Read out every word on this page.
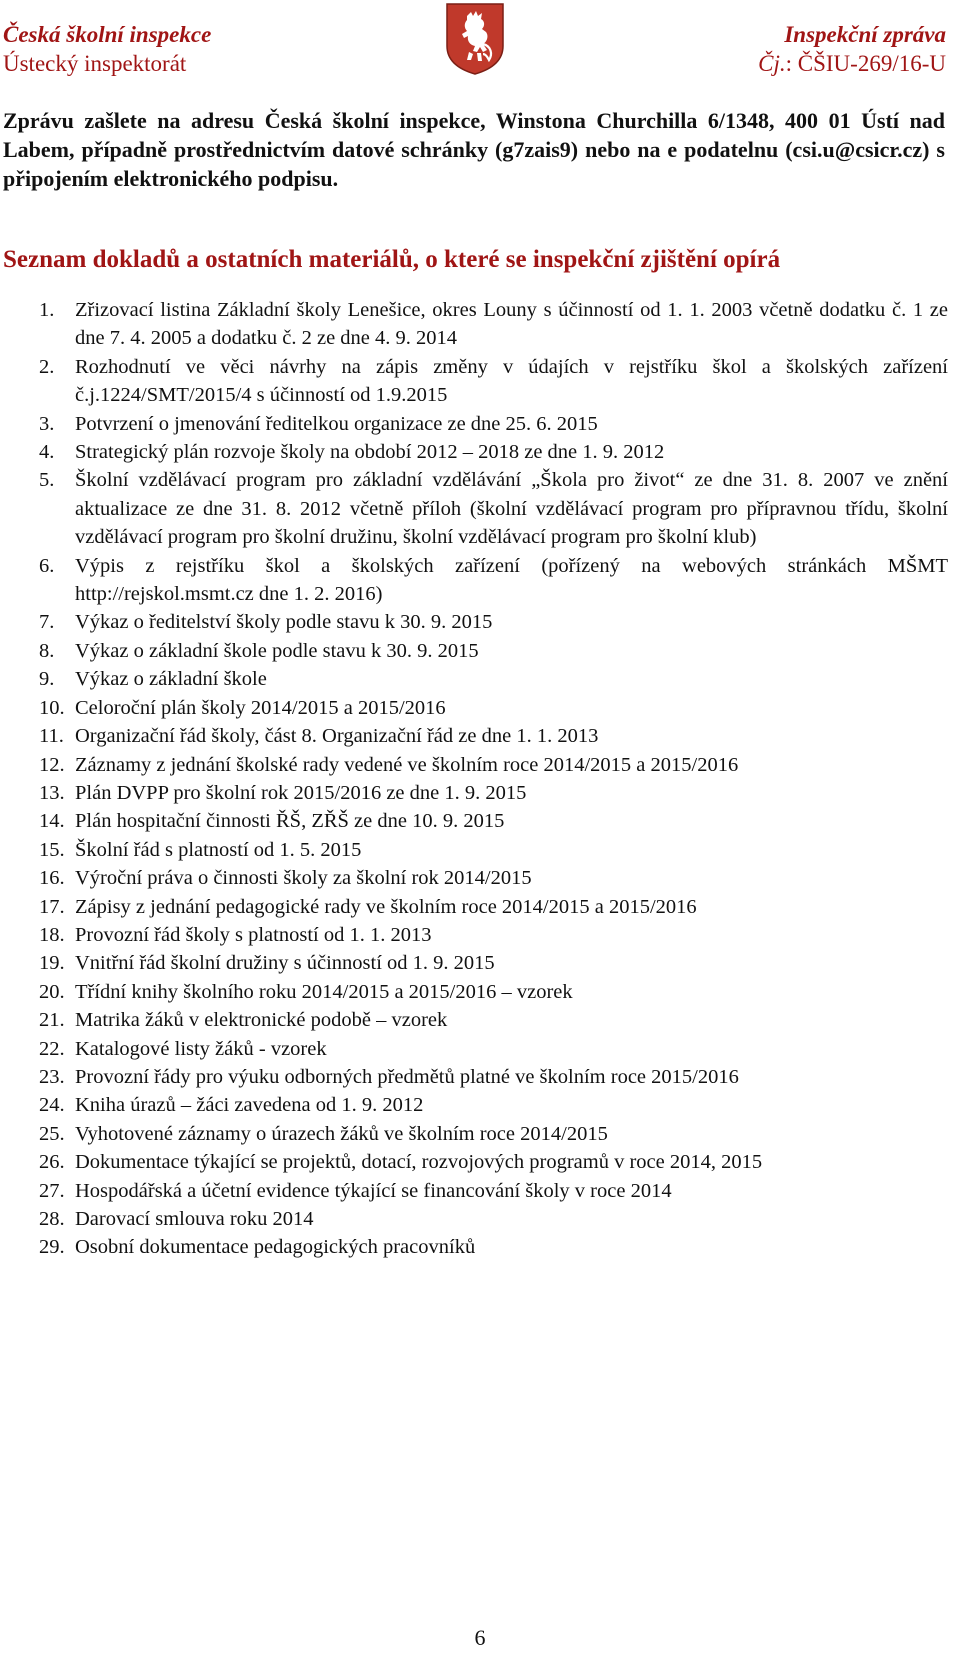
Česká školní inspekce
Ústecký inspektorát
Inspekční zpráva
Čj.: ČŠIU-269/16-U
Zprávu zašlete na adresu Česká školní inspekce, Winstona Churchilla 6/1348, 400 01 Ústí nad Labem, případně prostřednictvím datové schránky (g7zais9) nebo na e podatelnu (csi.u@csicr.cz) s připojením elektronického podpisu.
Seznam dokladů a ostatních materiálů, o které se inspekční zjištění opírá
1.	Zřizovací listina Základní školy Lenešice, okres Louny s účinností od 1. 1. 2003 včetně dodatku č. 1 ze dne 7. 4. 2005 a dodatku č. 2 ze dne 4. 9. 2014
2.	Rozhodnutí ve věci návrhy na zápis změny v údajích v rejstříku škol a školských zařízení č.j.1224/SMT/2015/4 s účinností od 1.9.2015
3.	Potvrzení o jmenování ředitelkou organizace ze dne 25. 6. 2015
4.	Strategický plán rozvoje školy na období 2012 – 2018 ze dne 1. 9. 2012
5.	Školní vzdělávací program pro základní vzdělávání „Škola pro život“ ze dne 31. 8. 2007 ve znění aktualizace ze dne 31. 8. 2012 včetně příloh (školní vzdělávací program pro přípravnou třídu, školní vzdělávací program pro školní družinu, školní vzdělávací program pro školní klub)
6.	Výpis z rejstříku škol a školských zařízení (pořízený na webových stránkách MŠMT http://rejskol.msmt.cz dne 1. 2. 2016)
7.	Výkaz o ředitelství školy podle stavu k 30. 9. 2015
8.	Výkaz o základní škole podle stavu k 30. 9. 2015
9.	Výkaz o základní škole
10. Celoroční plán školy 2014/2015 a 2015/2016
11. Organizační řád školy, část 8. Organizační řád ze dne 1. 1. 2013
12. Záznamy z jednání školské rady vedené ve školním roce 2014/2015 a 2015/2016
13. Plán DVPP pro školní rok 2015/2016 ze dne 1. 9. 2015
14. Plán hospitační činnosti ŘŠ, ZŘŠ ze dne 10. 9. 2015
15. Školní řád s platností od 1. 5. 2015
16. Výroční práva o činnosti školy za školní rok 2014/2015
17. Zápisy z jednání pedagogické rady ve školním roce 2014/2015 a 2015/2016
18. Provozní řád školy s platností od 1. 1. 2013
19. Vnitřní řád školní družiny s účinností od 1. 9. 2015
20. Třídní knihy školního roku 2014/2015 a 2015/2016 – vzorek
21. Matrika žáků v elektronické podobě – vzorek
22. Katalogové listy žáků - vzorek
23. Provozní řády pro výuku odborných předmětů platné ve školním roce 2015/2016
24. Kniha úrazů – žáci zavedena od 1. 9. 2012
25. Vyhotovené záznamy o úrazech žáků ve školním roce 2014/2015
26. Dokumentace týkající se projektů, dotací, rozvojových programů v roce 2014, 2015
27. Hospodářská a účetní evidence týkající se financování školy v roce 2014
28. Darovací smlouva roku 2014
29. Osobní dokumentace pedagogických pracovníků
6
